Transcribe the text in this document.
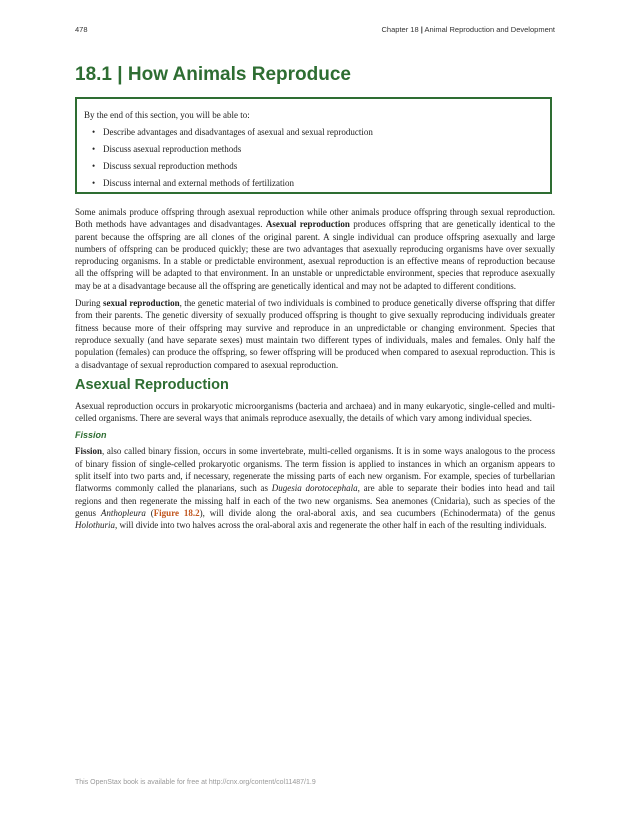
478	Chapter 18 | Animal Reproduction and Development
18.1 | How Animals Reproduce

By the end of this section, you will be able to:

• Describe advantages and disadvantages of asexual and sexual reproduction
• Discuss asexual reproduction methods
• Discuss sexual reproduction methods
• Discuss internal and external methods of fertilization

Some animals produce offspring through asexual reproduction while other animals produce offspring through sexual reproduction. Both methods have advantages and disadvantages. Asexual reproduction produces offspring that are genetically identical to the parent because the offspring are all clones of the original parent. A single individual can produce offspring asexually and large numbers of offspring can be produced quickly; these are two advantages that asexually reproducing organisms have over sexually reproducing organisms. In a stable or predictable environment, asexual reproduction is an effective means of reproduction because all the offspring will be adapted to that environment. In an unstable or unpredictable environment, species that reproduce asexually may be at a disadvantage because all the offspring are genetically identical and may not be adapted to different conditions.

During sexual reproduction, the genetic material of two individuals is combined to produce genetically diverse offspring that differ from their parents. The genetic diversity of sexually produced offspring is thought to give sexually reproducing individuals greater fitness because more of their offspring may survive and reproduce in an unpredictable or changing environment. Species that reproduce sexually (and have separate sexes) must maintain two different types of individuals, males and females. Only half the population (females) can produce the offspring, so fewer offspring will be produced when compared to asexual reproduction. This is a disadvantage of sexual reproduction compared to asexual reproduction.

Asexual Reproduction

Asexual reproduction occurs in prokaryotic microorganisms (bacteria and archaea) and in many eukaryotic, single-celled and multi-celled organisms. There are several ways that animals reproduce asexually, the details of which vary among individual species.

Fission

Fission, also called binary fission, occurs in some invertebrate, multi-celled organisms. It is in some ways analogous to the process of binary fission of single-celled prokaryotic organisms. The term fission is applied to instances in which an organism appears to split itself into two parts and, if necessary, regenerate the missing parts of each new organism. For example, species of turbellarian flatworms commonly called the planarians, such as Dugesia dorotocephala, are able to separate their bodies into head and tail regions and then regenerate the missing half in each of the two new organisms. Sea anemones (Cnidaria), such as species of the genus Anthopleura (Figure 18.2), will divide along the oral-aboral axis, and sea cucumbers (Echinodermata) of the genus Holothuria, will divide into two halves across the oral-aboral axis and regenerate the other half in each of the resulting individuals.

This OpenStax book is available for free at http://cnx.org/content/col11487/1.9
